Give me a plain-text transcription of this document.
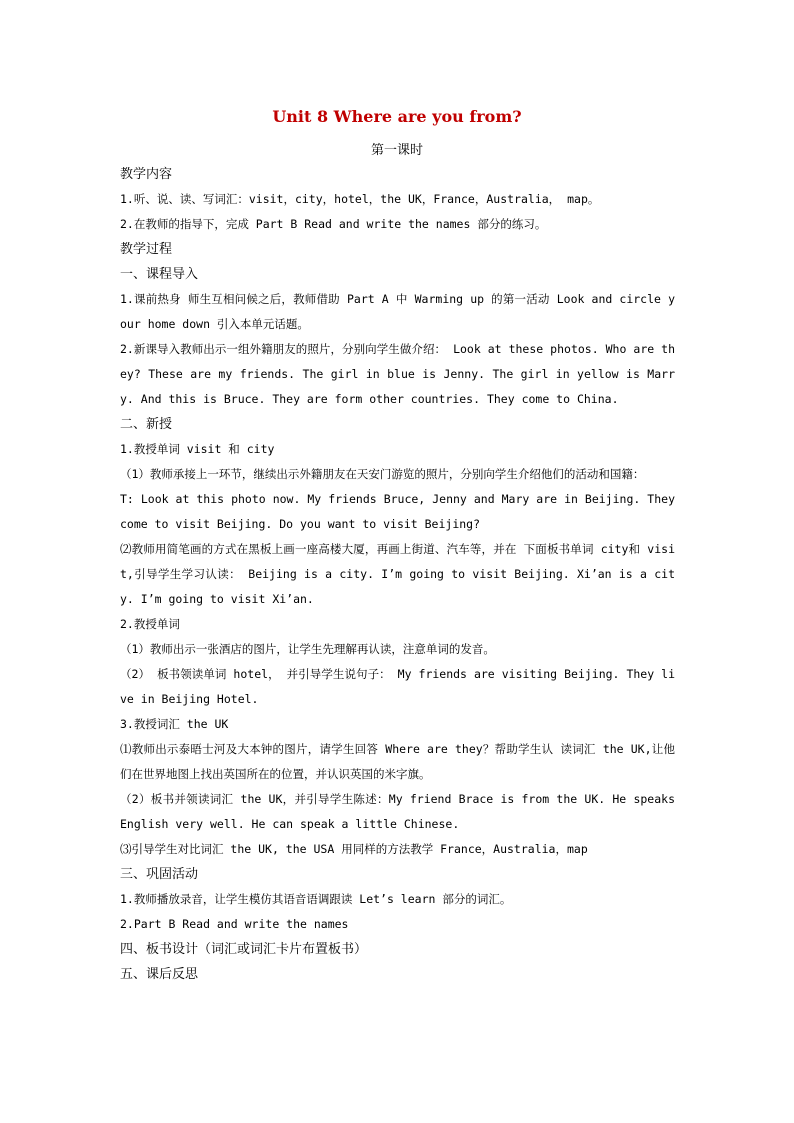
Unit 8 Where are you from?
第一课时

教学内容

1.听、说、读、写词汇：visit，city，hotel，the UK，France，Australia， map。

2.在教师的指导下，完成 Part B Read and write the names 部分的练习。

教学过程

一、课程导入

1.课前热身 师生互相问候之后，教师借助 Part A 中 Warming up 的第一活动 Look and circle your home down 引入本单元话题。

2.新课导入教师出示一组外籍朋友的照片，分别向学生做介绍： Look at these photos. Who are they? These are my friends. The girl in blue is Jenny. The girl in yellow is Marry. And this is Bruce. They are form other countries. They come to China.

二、新授

1.教授单词 visit 和 city

（1）教师承接上一环节，继续出示外籍朋友在天安门游览的照片，分别向学生介绍他们的活动和国籍：

T: Look at this photo now. My friends Bruce, Jenny and Mary are in Beijing. They come to visit Beijing. Do you want to visit Beijing?

⑵教师用简笔画的方式在黑板上画一座高楼大厦，再画上街道、汽车等，并在 下面板书单词 city和 visit,引导学生学习认读： Beijing is a city. I’m going to visit Beijing. Xi’an is a city. I’m going to visit Xi’an.

2.教授单词

（1）教师出示一张酒店的图片，让学生先理解再认读，注意单词的发音。

（2） 板书领读单词 hotel， 并引导学生说句子： My friends are visiting Beijing. They live in Beijing Hotel.

3.教授词汇 the UK

⑴教师出示泰晤士河及大本钟的图片，请学生回答 Where are they？帮助学生认 读词汇 the UK,让他们在世界地图上找出英国所在的位置，并认识英国的米字旗。

（2）板书并领读词汇 the UK，并引导学生陈述：My friend Brace is from the UK. He speaks English very well. He can speak a little Chinese.

⑶引导学生对比词汇 the UK, the USA 用同样的方法教学 France，Australia，map

三、巩固活动

1.教师播放录音，让学生模仿其语音语调跟读 Let’s learn 部分的词汇。

2.Part B Read and write the names

四、板书设计（词汇或词汇卡片布置板书）

五、课后反思
